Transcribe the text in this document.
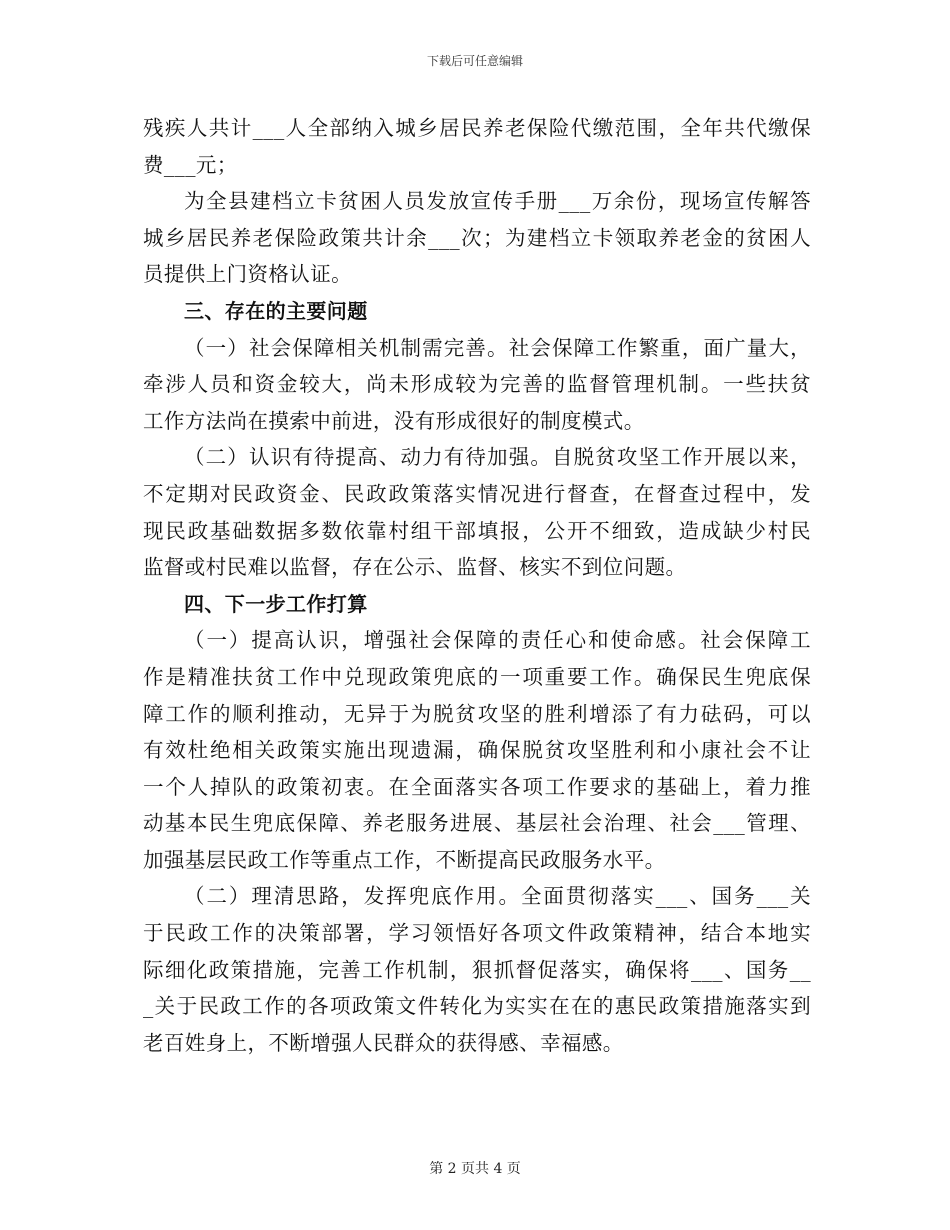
下载后可任意编辑
残疾人共计___人全部纳入城乡居民养老保险代缴范围，全年共代缴保
费___元；
为全县建档立卡贫困人员发放宣传手册___万余份，现场宣传解答
城乡居民养老保险政策共计余___次；为建档立卡领取养老金的贫困人
员提供上门资格认证。
三、存在的主要问题
（一）社会保障相关机制需完善。社会保障工作繁重，面广量大，
牵涉人员和资金较大，尚未形成较为完善的监督管理机制。一些扶贫
工作方法尚在摸索中前进，没有形成很好的制度模式。
（二）认识有待提高、动力有待加强。自脱贫攻坚工作开展以来，
不定期对民政资金、民政政策落实情况进行督查，在督查过程中，发
现民政基础数据多数依靠村组干部填报，公开不细致，造成缺少村民
监督或村民难以监督，存在公示、监督、核实不到位问题。
四、下一步工作打算
（一）提高认识，增强社会保障的责任心和使命感。社会保障工
作是精准扶贫工作中兑现政策兜底的一项重要工作。确保民生兜底保
障工作的顺利推动，无异于为脱贫攻坚的胜利增添了有力砝码，可以
有效杜绝相关政策实施出现遗漏，确保脱贫攻坚胜利和小康社会不让
一个人掉队的政策初衷。在全面落实各项工作要求的基础上，着力推
动基本民生兜底保障、养老服务进展、基层社会治理、社会___管理、
加强基层民政工作等重点工作，不断提高民政服务水平。
（二）理清思路，发挥兜底作用。全面贯彻落实___、国务___关
于民政工作的决策部署，学习领悟好各项文件政策精神，结合本地实
际细化政策措施，完善工作机制，狠抓督促落实，确保将___、国务__
_关于民政工作的各项政策文件转化为实实在在的惠民政策措施落实到
老百姓身上，不断增强人民群众的获得感、幸福感。
第 2 页共 4 页
